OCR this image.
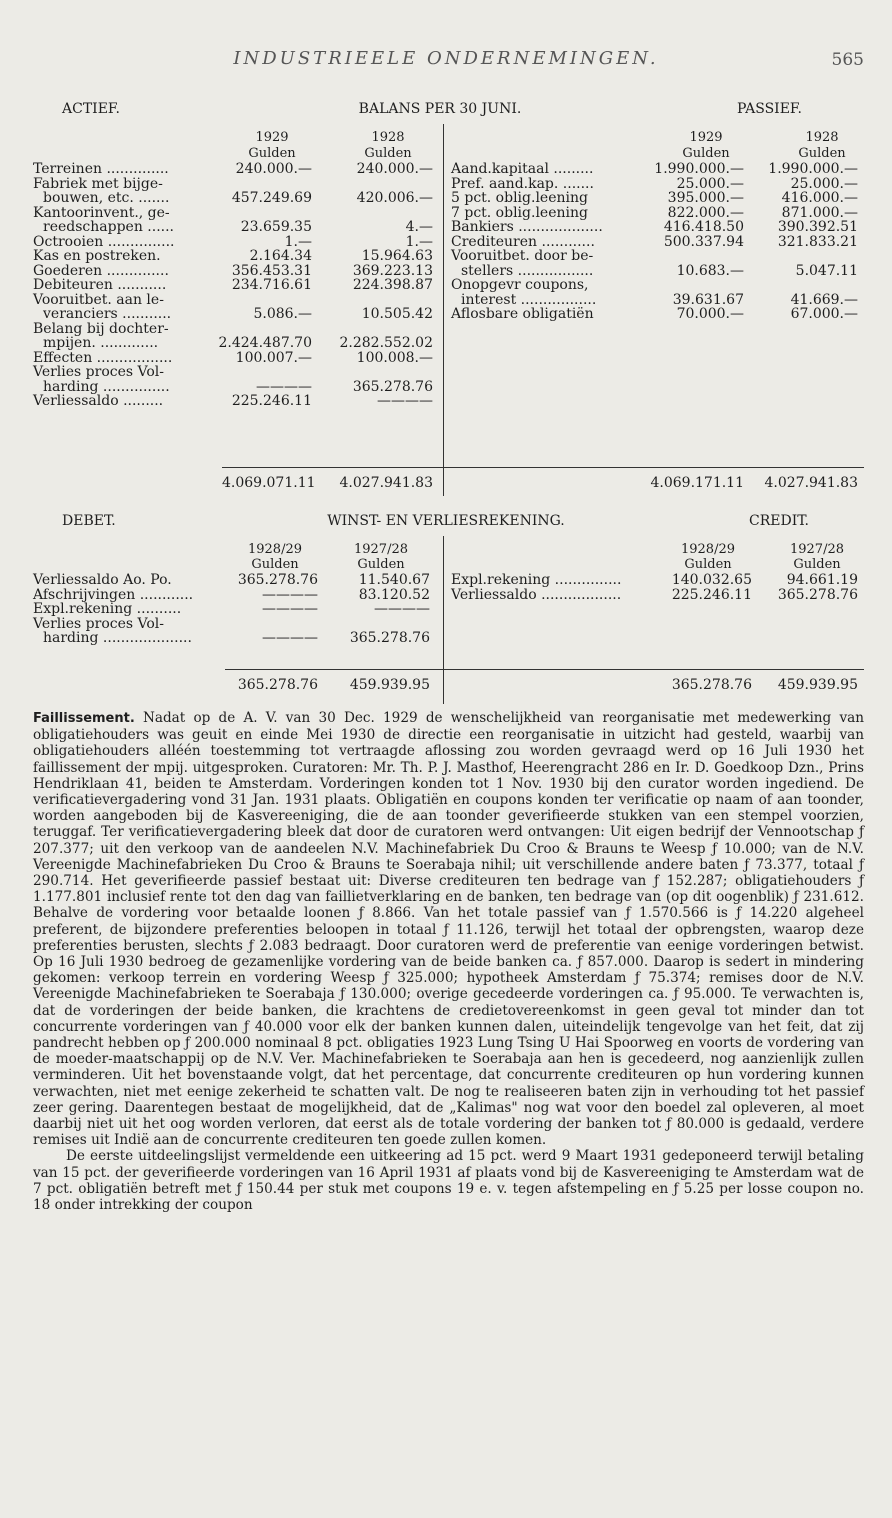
INDUSTRIEELE ONDERNEMINGEN.	565
ACTIEF.	BALANS PER 30 JUNI.	PASSIEF.
1929	1928
Gulden	Gulden
1929	1928
Gulden	Gulden
4.069.071.11	4.027.941.83	4.069.171.11	4.027.941.83
Terreinen ..............	240.000.—	240.000.—
Fabriek met bijge-
bouwen, etc. .......	457.249.69	420.006.—
Kantoorinvent., ge-
reedschappen ......	23.659.35	4.—
Octrooien ...............	1.—	1.—
Kas en postreken.	2.164.34	15.964.63
Goederen ..............	356.453.31	369.223.13
Debiteuren ...........	234.716.61	224.398.87
Vooruitbet. aan le-
veranciers ...........	5.086.—	10.505.42
Belang bij dochter-
mpijen. .............	2.424.487.70	2.282.552.02
Effecten .................	100.007.—	100.008.—
Verlies proces Vol-
harding ...............	————	365.278.76
Verliessaldo .........	225.246.11	————
Aand.kapitaal .........	1.990.000.—	1.990.000.—
Pref. aand.kap. .......	25.000.—	25.000.—
5 pct. oblig.leening	395.000.—	416.000.—
7 pct. oblig.leening	822.000.—	871.000.—
Bankiers ...................	416.418.50	390.392.51
Crediteuren ............	500.337.94	321.833.21
Vooruitbet. door be-
stellers .................	10.683.—	5.047.11
Onopgevr coupons,
interest .................	39.631.67	41.669.—
Aflosbare obligatiën	70.000.—	67.000.—
DEBET.	WINST- EN VERLIESREKENING.	CREDIT.
1928/29	1927/28
Gulden	Gulden
1928/29	1927/28
Gulden	Gulden
365.278.76	459.939.95	365.278.76	459.939.95
Verliessaldo Ao. Po.	365.278.76	11.540.67
Afschrijvingen ............	————	83.120.52
Expl.rekening ..........	————	————
Verlies proces Vol-
harding ....................	————	365.278.76
Expl.rekening ...............	140.032.65	94.661.19
Verliessaldo ..................	225.246.11	365.278.76

Faillissement. Nadat op de A. V. van 30 Dec. 1929 de wenschelijkheid van reorganisatie met medewerking van obligatiehouders was geuit en einde Mei 1930 de directie een reorganisatie in uitzicht had gesteld, waarbij van obligatiehouders alléén toestemming tot vertraagde aflossing zou worden gevraagd werd op 16 Juli 1930 het faillissement der mpij. uitgesproken. Curatoren: Mr. Th. P. J. Masthof, Heerengracht 286 en Ir. D. Goedkoop Dzn., Prins Hendriklaan 41, beiden te Amsterdam. Vorderingen konden tot 1 Nov. 1930 bij den curator worden ingediend. De verificatievergadering vond 31 Jan. 1931 plaats. Obligatiën en coupons konden ter verificatie op naam of aan toonder, worden aangeboden bij de Kasvereeniging, die de aan toonder geverifieerde stukken van een stempel voorzien, teruggaf. Ter verificatievergadering bleek dat door de curatoren werd ontvangen: Uit eigen bedrijf der Vennootschap ƒ 207.377; uit den verkoop van de aandeelen N.V. Machinefabriek Du Croo & Brauns te Weesp ƒ 10.000; van de N.V. Vereenigde Machinefabrieken Du Croo & Brauns te Soerabaja nihil; uit verschillende andere baten ƒ 73.377, totaal ƒ 290.714. Het geverifieerde passief bestaat uit: Diverse crediteuren ten bedrage van ƒ 152.287; obligatiehouders ƒ 1.177.801 inclusief rente tot den dag van faillietverklaring en de banken, ten bedrage van (op dit oogenblik) ƒ 231.612. Behalve de vordering voor betaalde loonen ƒ 8.866. Van het totale passief van ƒ 1.570.566 is ƒ 14.220 algeheel preferent, de bijzondere preferenties beloopen in totaal ƒ 11.126, terwijl het totaal der opbrengsten, waarop deze preferenties berusten, slechts ƒ 2.083 bedraagt. Door curatoren werd de preferentie van eenige vorderingen betwist. Op 16 Juli 1930 bedroeg de gezamenlijke vordering van de beide banken ca. ƒ 857.000. Daarop is sedert in mindering gekomen: verkoop terrein en vordering Weesp ƒ 325.000; hypotheek Amsterdam ƒ 75.374; remises door de N.V. Vereenigde Machinefabrieken te Soerabaja ƒ 130.000; overige gecedeerde vorderingen ca. ƒ 95.000. Te verwachten is, dat de vorderingen der beide banken, die krachtens de credietovereenkomst in geen geval tot minder dan tot concurrente vorderingen van ƒ 40.000 voor elk der banken kunnen dalen, uiteindelijk tengevolge van het feit, dat zij pandrecht hebben op ƒ 200.000 nominaal 8 pct. obligaties 1923 Lung Tsing U Hai Spoorweg en voorts de vordering van de moeder-maatschappij op de N.V. Ver. Machinefabrieken te Soerabaja aan hen is gecedeerd, nog aanzienlijk zullen verminderen. Uit het bovenstaande volgt, dat het percentage, dat concurrente crediteuren op hun vordering kunnen verwachten, niet met eenige zekerheid te schatten valt. De nog te realiseeren baten zijn in verhouding tot het passief zeer gering. Daarentegen bestaat de mogelijkheid, dat de „Kalimas" nog wat voor den boedel zal opleveren, al moet daarbij niet uit het oog worden verloren, dat eerst als de totale vordering der banken tot ƒ 80.000 is gedaald, verdere remises uit Indië aan de concurrente crediteuren ten goede zullen komen.

De eerste uitdeelingslijst vermeldende een uitkeering ad 15 pct. werd 9 Maart 1931 gedeponeerd terwijl betaling van 15 pct. der geverifieerde vorderingen van 16 April 1931 af plaats vond bij de Kasvereeniging te Amsterdam wat de 7 pct. obligatiën betreft met ƒ 150.44 per stuk met coupons 19 e. v. tegen afstempeling en ƒ 5.25 per losse coupon no. 18 onder intrekking der coupon
